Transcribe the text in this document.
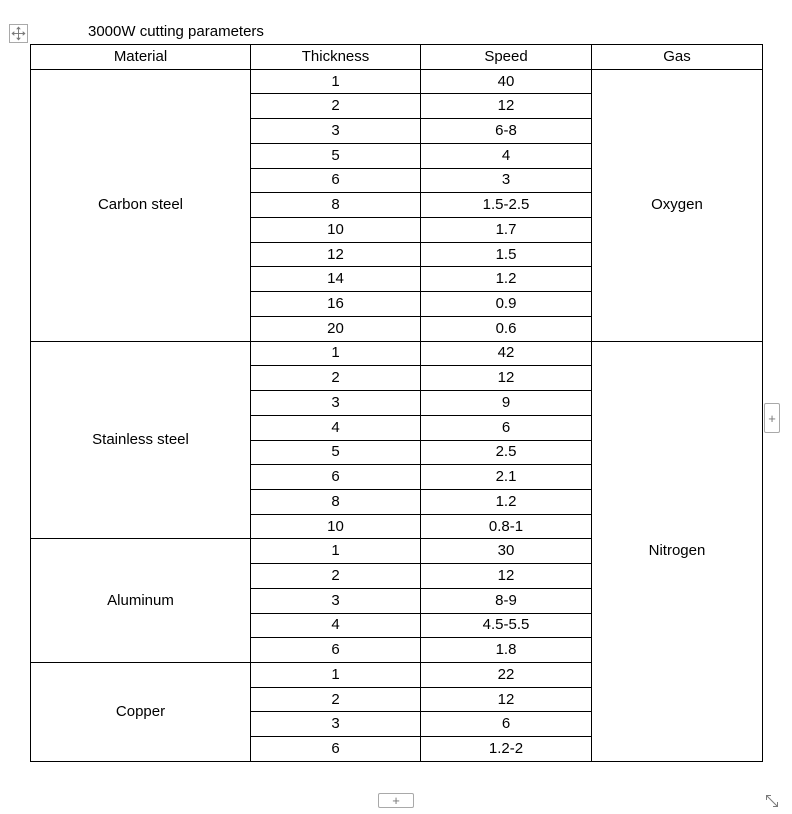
3000W cutting parameters
Material	Thickness	Speed	Gas
Carbon steel	1	40	Oxygen
	2	12	
	3	6-8	
	5	4	
	6	3	
	8	1.5-2.5	
	10	1.7	
	12	1.5	
	14	1.2	
	16	0.9	
	20	0.6	
Stainless steel	1	42	Nitrogen
	2	12	
	3	9	
	4	6	
	5	2.5	
	6	2.1	
	8	1.2	
	10	0.8-1	
Aluminum	1	30	
	2	12	
	3	8-9	
	4	4.5-5.5	
	6	1.8	
Copper	1	22	
	2	12	
	3	6	
	6	1.2-2	
+
+
